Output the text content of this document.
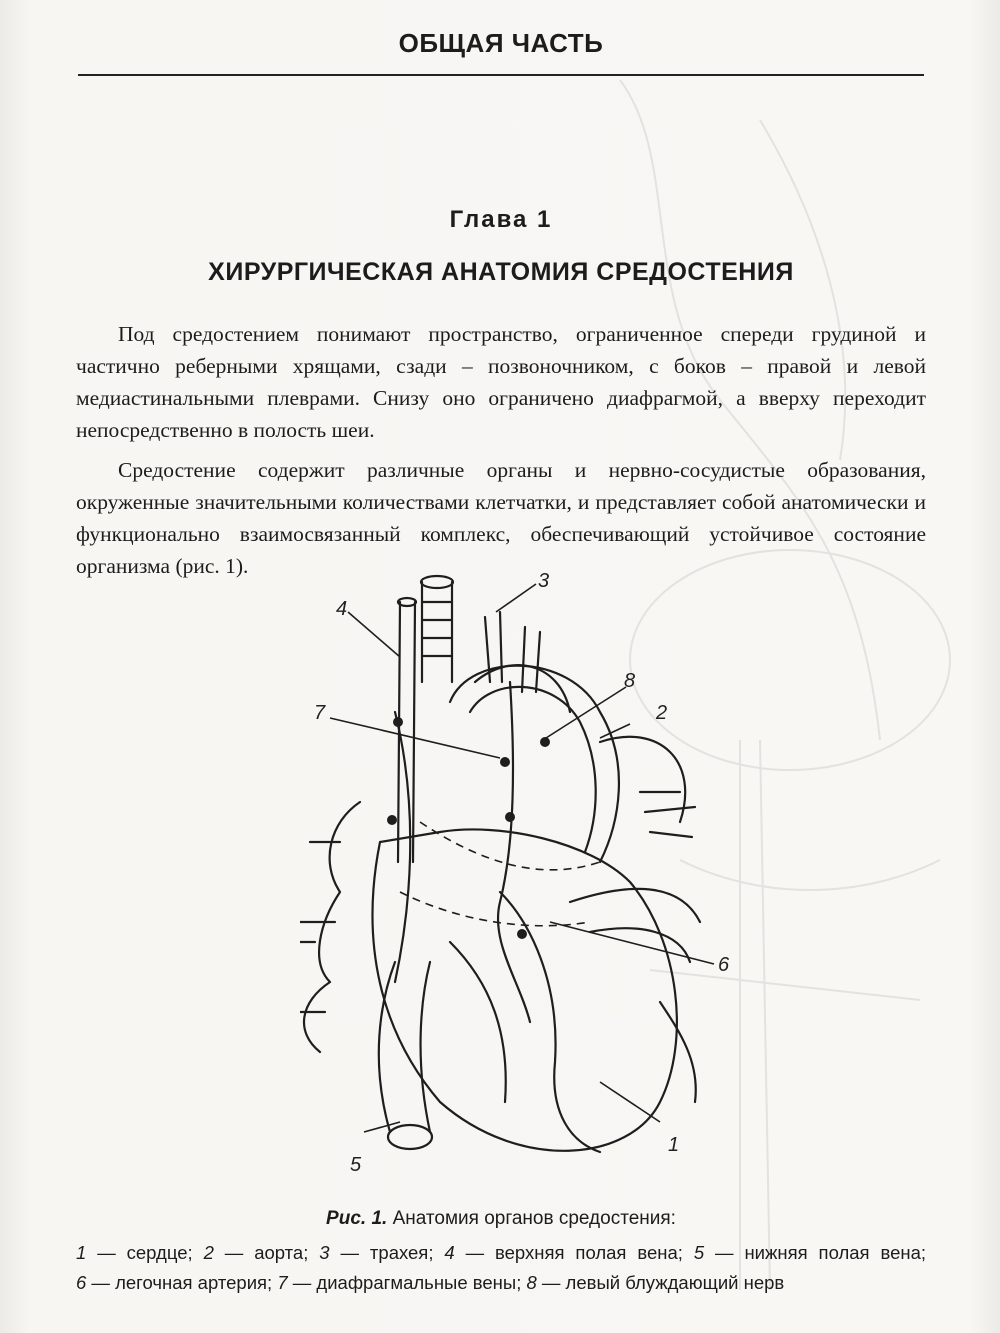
ОБЩАЯ ЧАСТЬ
Глава 1
ХИРУРГИЧЕСКАЯ АНАТОМИЯ СРЕДОСТЕНИЯ

Под средостением понимают пространство, ограниченное спереди грудиной и частично реберными хрящами, сзади – позвоночником, с боков – правой и левой медиастинальными плеврами. Снизу оно ограничено диафрагмой, а вверху переходит непосредственно в полость шеи.

Средостение содержит различные органы и нервно-сосудистые образования, окруженные значительными количествами клетчатки, и представляет собой анатомически и функционально взаимосвязанный комплекс, обеспечивающий устойчивое состояние организма (рис. 1).

3
4
8
7	2
6
1
5
Рис. 1. Анатомия органов средостения:
1 — сердце; 2 — аорта; 3 — трахея; 4 — верхняя полая вена; 5 — нижняя полая вена;
6 — легочная артерия; 7 — диафрагмальные вены; 8 — левый блуждающий нерв
